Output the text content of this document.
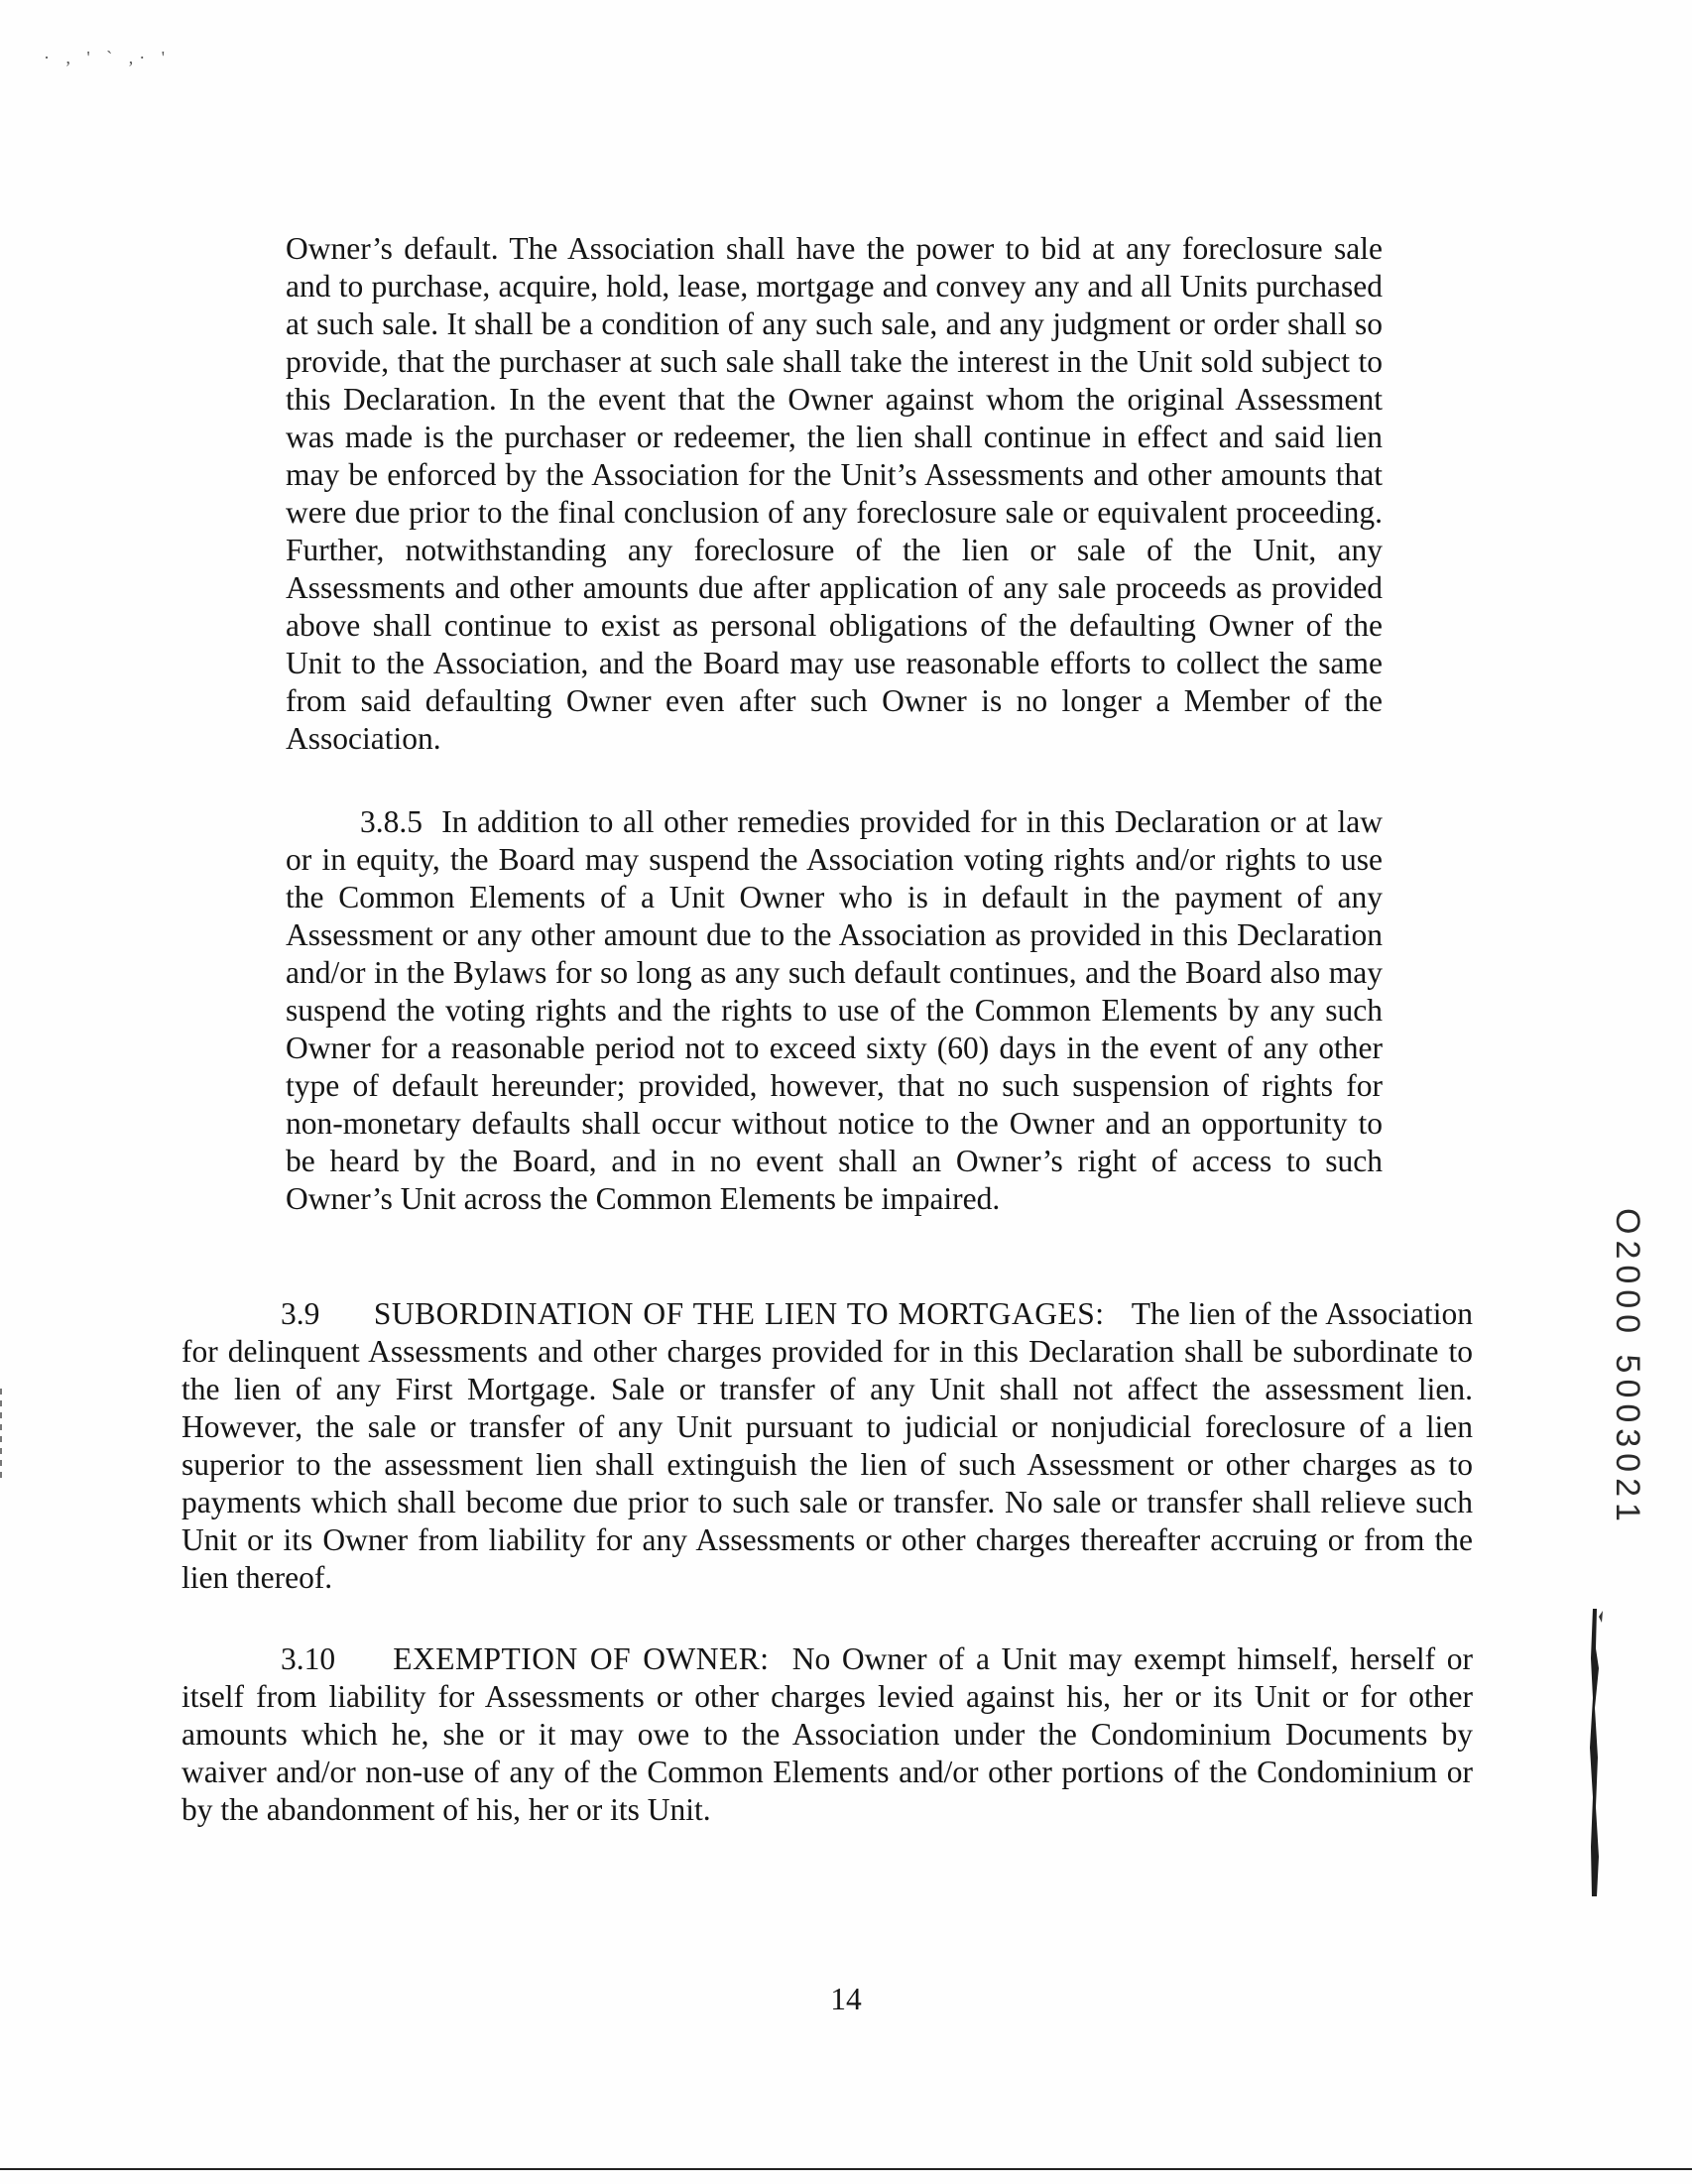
· , ' ` ,· '

Owner’s default. The Association shall have the power to bid at any foreclosure sale and to purchase, acquire, hold, lease, mortgage and convey any and all Units purchased at such sale. It shall be a condition of any such sale, and any judgment or order shall so provide, that the purchaser at such sale shall take the interest in the Unit sold subject to this Declaration. In the event that the Owner against whom the original Assessment was made is the purchaser or redeemer, the lien shall continue in effect and said lien may be enforced by the Association for the Unit’s Assessments and other amounts that were due prior to the final conclusion of any foreclosure sale or equivalent proceeding. Further, notwithstanding any foreclosure of the lien or sale of the Unit, any Assessments and other amounts due after application of any sale proceeds as provided above shall continue to exist as personal obligations of the defaulting Owner of the Unit to the Association, and the Board may use reasonable efforts to collect the same from said defaulting Owner even after such Owner is no longer a Member of the Association.

3.8.5 In addition to all other remedies provided for in this Declaration or at law or in equity, the Board may suspend the Association voting rights and/or rights to use the Common Elements of a Unit Owner who is in default in the payment of any Assessment or any other amount due to the Association as provided in this Declaration and/or in the Bylaws for so long as any such default continues, and the Board also may suspend the voting rights and the rights to use of the Common Elements by any such Owner for a reasonable period not to exceed sixty (60) days in the event of any other type of default hereunder; provided, however, that no such suspension of rights for non-monetary defaults shall occur without notice to the Owner and an opportunity to be heard by the Board, and in no event shall an Owner’s right of access to such Owner’s Unit across the Common Elements be impaired.

3.9 SUBORDINATION OF THE LIEN TO MORTGAGES: The lien of the Association for delinquent Assessments and other charges provided for in this Declaration shall be subordinate to the lien of any First Mortgage. Sale or transfer of any Unit shall not affect the assessment lien. However, the sale or transfer of any Unit pursuant to judicial or nonjudicial foreclosure of a lien superior to the assessment lien shall extinguish the lien of such Assessment or other charges as to payments which shall become due prior to such sale or transfer. No sale or transfer shall relieve such Unit or its Owner from liability for any Assessments or other charges thereafter accruing or from the lien thereof.

3.10 EXEMPTION OF OWNER: No Owner of a Unit may exempt himself, herself or itself from liability for Assessments or other charges levied against his, her or its Unit or for other amounts which he, she or it may owe to the Association under the Condominium Documents by waiver and/or non-use of any of the Common Elements and/or other portions of the Condominium or by the abandonment of his, her or its Unit.

14
O2000 5003021
